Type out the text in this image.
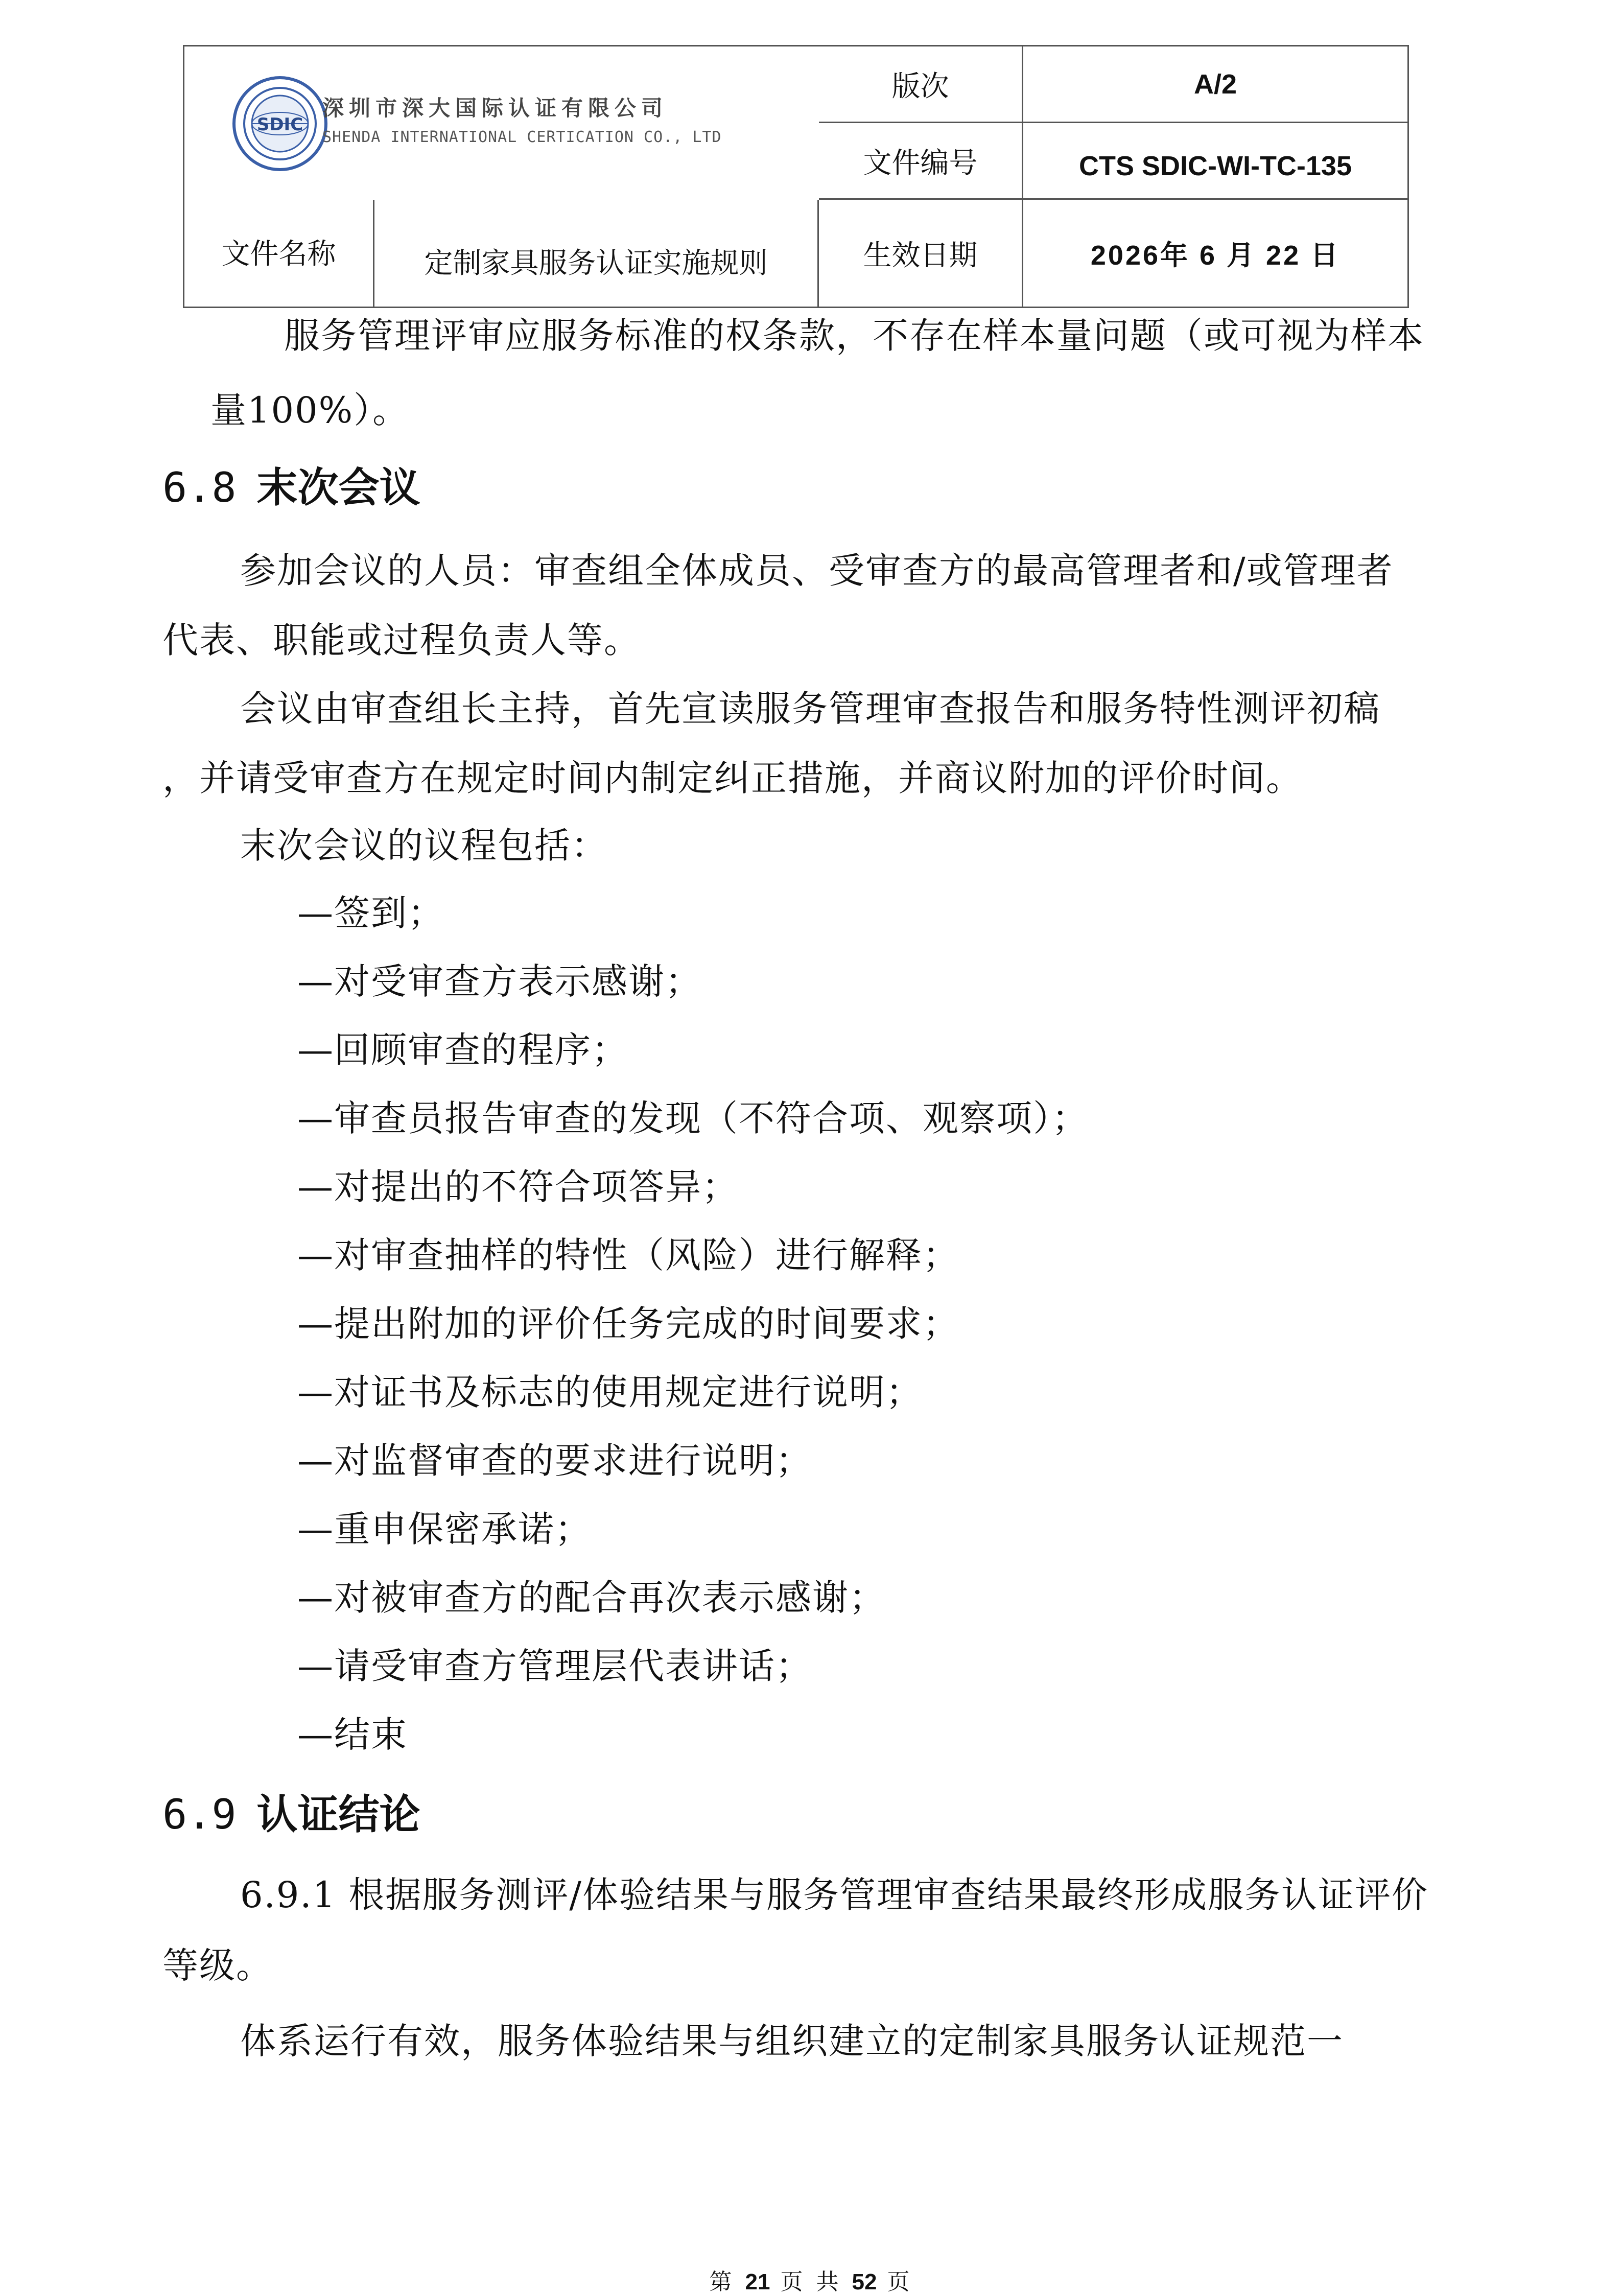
SDIC
深圳市深大国际认证有限公司
SHENDA INTERNATIONAL CERTICATION CO., LTD
版次	A/2
文件编号	CTS SDIC-WI-TC-135
文件名称	定制家具服务认证实施规则	生效日期	2026年 6 月 22 日
服务管理评审应服务标准的权条款，不存在样本量问题（或可视为样本
量100%）。
6.8 末次会议
参加会议的人员：审查组全体成员、受审查方的最高管理者和/或管理者
代表、职能或过程负责人等。
会议由审查组长主持，首先宣读服务管理审查报告和服务特性测评初稿
，并请受审查方在规定时间内制定纠正措施，并商议附加的评价时间。
末次会议的议程包括：
—签到；
—对受审查方表示感谢；
—回顾审查的程序；
—审查员报告审查的发现（不符合项、观察项）；
—对提出的不符合项答异；
—对审查抽样的特性（风险）进行解释；
—提出附加的评价任务完成的时间要求；
—对证书及标志的使用规定进行说明；
—对监督审查的要求进行说明；
—重申保密承诺；
—对被审查方的配合再次表示感谢；
—请受审查方管理层代表讲话；
—结束
6.9 认证结论
6.9.1 根据服务测评/体验结果与服务管理审查结果最终形成服务认证评价
等级。
体系运行有效，服务体验结果与组织建立的定制家具服务认证规范一
第 21 页 共 52 页
